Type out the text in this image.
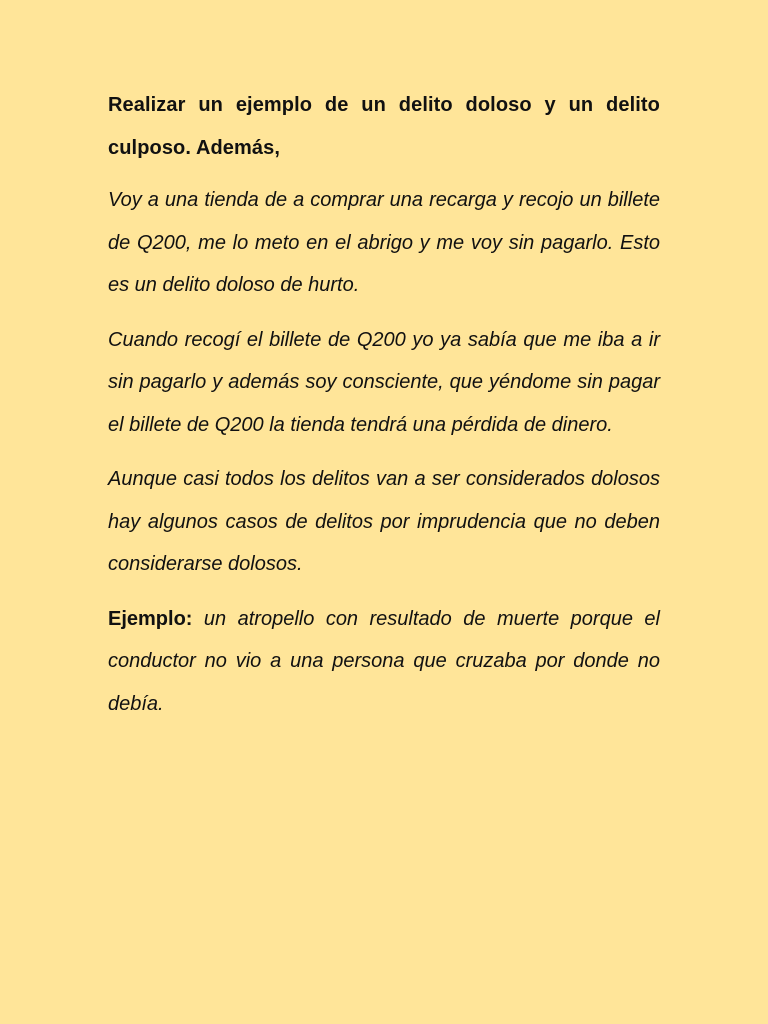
Realizar un ejemplo de un delito doloso y un delito culposo. Además,

Voy a una tienda de a comprar una recarga y recojo un billete de Q200, me lo meto en el abrigo y me voy sin pagarlo. Esto es un delito doloso de hurto.

Cuando recogí el billete de Q200 yo ya sabía que me iba a ir sin pagarlo y además soy consciente, que yéndome sin pagar el billete de Q200 la tienda tendrá una pérdida de dinero.

Aunque casi todos los delitos van a ser considerados dolosos hay algunos casos de delitos por imprudencia que no deben considerarse dolosos.

Ejemplo: un atropello con resultado de muerte porque el conductor no vio a una persona que cruzaba por donde no debía.
